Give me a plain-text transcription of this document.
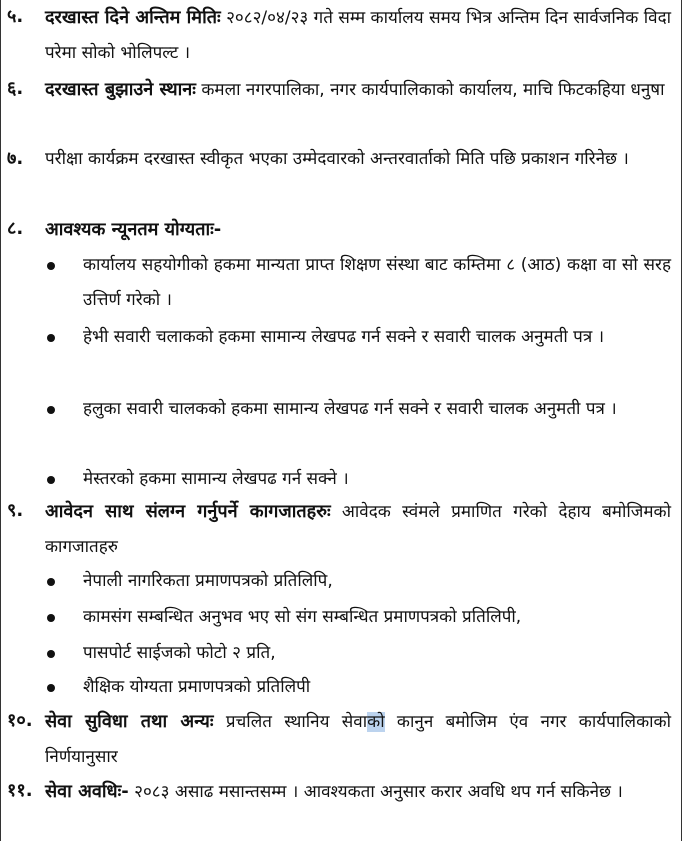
५. दरखास्त दिने अन्तिम मितिः २०८२/०४/२३ गते सम्म कार्यालय समय भित्र अन्तिम दिन सार्वजनिक विदा परेमा सोको भोलिपल्ट ।
६. दरखास्त बुझाउने स्थानः कमला नगरपालिका, नगर कार्यपालिकाको कार्यालय, माचि फिटकहिया धनुषा
७. परीक्षा कार्यक्रम दरखास्त स्वीकृत भएका उम्मेदवारको अन्तरवार्ताको मिति पछि प्रकाशन गरिनेछ ।
८. आवश्यक न्यूनतम योग्यताः-
कार्यालय सहयोगीको हकमा मान्यता प्राप्त शिक्षण संस्था बाट कम्तिमा ८ (आठ) कक्षा वा सो सरह उत्तिर्ण गरेको ।
हेभी सवारी चलाकको हकमा सामान्य लेखपढ गर्न सक्ने र सवारी चालक अनुमती पत्र ।
हलुका सवारी चालकको हकमा सामान्य लेखपढ गर्न सक्ने र सवारी चालक अनुमती पत्र ।
मेस्तरको हकमा सामान्य लेखपढ गर्न सक्ने ।
९. आवेदन साथ संलग्न गर्नुपर्ने कागजातहरुः आवेदक स्वंमले प्रमाणित गरेको देहाय बमोजिमको कागजातहरु
नेपाली नागरिकता प्रमाणपत्रको प्रतिलिपि,
कामसंग सम्बन्धित अनुभव भए सो संग सम्बन्धित प्रमाणपत्रको प्रतिलिपी,
पासपोर्ट साईजको फोटो २ प्रति,
शैक्षिक योग्यता प्रमाणपत्रको प्रतिलिपी
१०. सेवा सुविधा तथा अन्यः प्रचलित स्थानिय सेवाको कानुन बमोजिम एंव नगर कार्यपालिकाको निर्णयानुसार
११. सेवा अवधिः- २०८३ असाढ मसान्तसम्म । आवश्यकता अनुसार करार अवधि थप गर्न सकिनेछ ।
